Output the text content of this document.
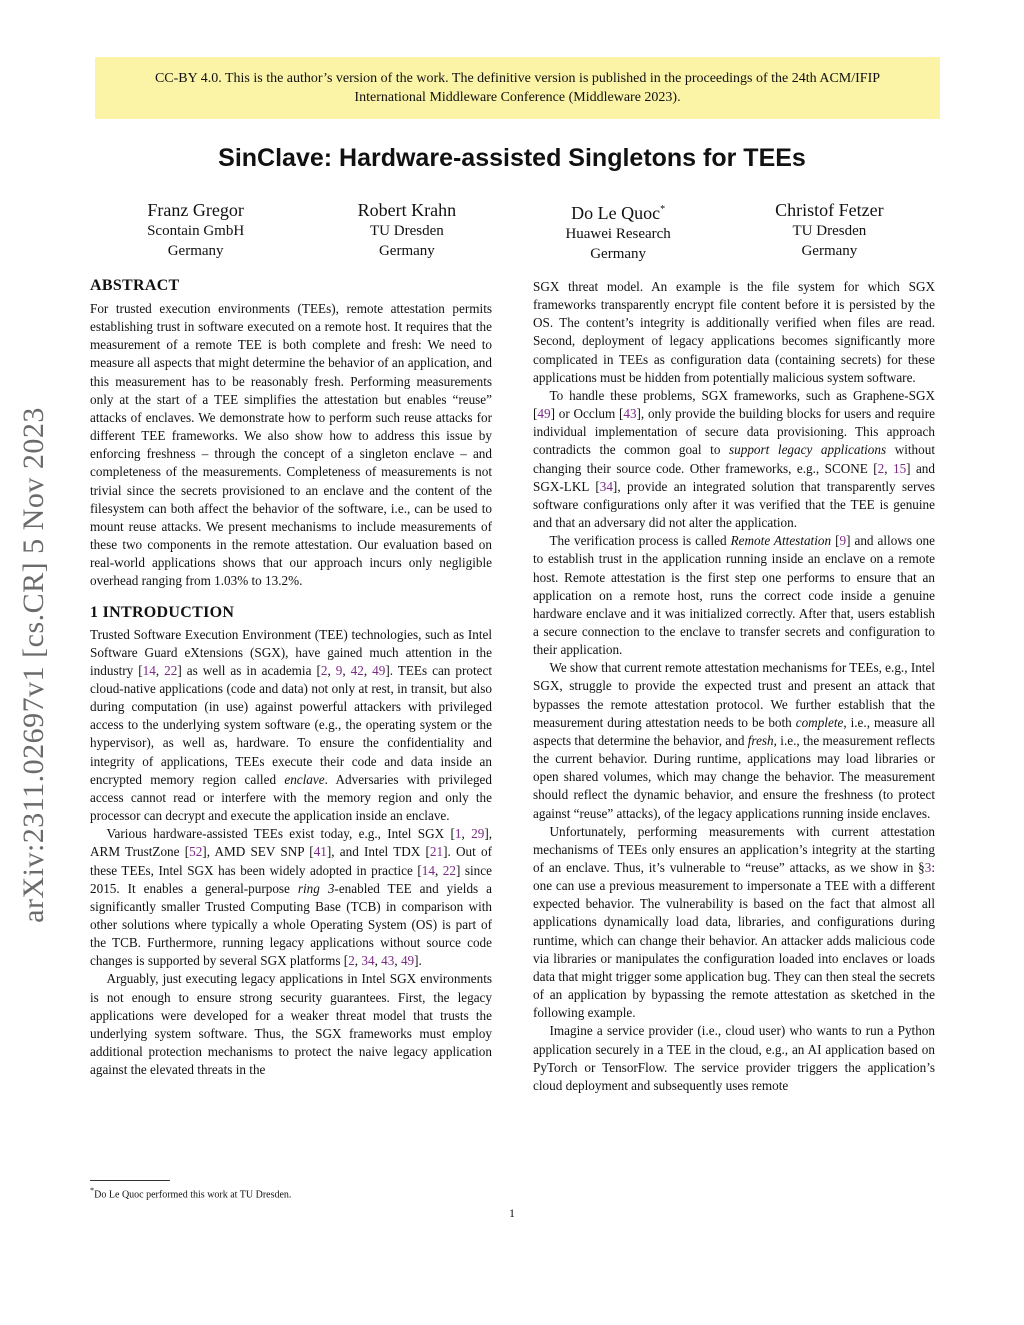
CC-BY 4.0. This is the author’s version of the work. The definitive version is published in the proceedings of the 24th ACM/IFIP
International Middleware Conference (Middleware 2023).
SinClave: Hardware-assisted Singletons for TEEs
Franz Gregor
Scontain GmbH
Germany
Robert Krahn
TU Dresden
Germany
Do Le Quoc*
Huawei Research
Germany
Christof Fetzer
TU Dresden
Germany
arXiv:2311.02697v1 [cs.CR] 5 Nov 2023
ABSTRACT

For trusted execution environments (TEEs), remote attestation permits establishing trust in software executed on a remote host. It requires that the measurement of a remote TEE is both complete and fresh: We need to measure all aspects that might determine the behavior of an application, and this measurement has to be reasonably fresh. Performing measurements only at the start of a TEE simplifies the attestation but enables “reuse” attacks of enclaves. We demonstrate how to perform such reuse attacks for different TEE frameworks. We also show how to address this issue by enforcing freshness – through the concept of a singleton enclave – and completeness of the measurements. Completeness of measurements is not trivial since the secrets provisioned to an enclave and the content of the filesystem can both affect the behavior of the software, i.e., can be used to mount reuse attacks. We present mechanisms to include measurements of these two components in the remote attestation. Our evaluation based on real-world applications shows that our approach incurs only negligible overhead ranging from 1.03% to 13.2%.

1 INTRODUCTION

Trusted Software Execution Environment (TEE) technologies, such as Intel Software Guard eXtensions (SGX), have gained much attention in the industry [14, 22] as well as in academia [2, 9, 42, 49]. TEEs can protect cloud-native applications (code and data) not only at rest, in transit, but also during computation (in use) against powerful attackers with privileged access to the underlying system software (e.g., the operating system or the hypervisor), as well as, hardware. To ensure the confidentiality and integrity of applications, TEEs execute their code and data inside an encrypted memory region called enclave. Adversaries with privileged access cannot read or interfere with the memory region and only the processor can decrypt and execute the application inside an enclave.

Various hardware-assisted TEEs exist today, e.g., Intel SGX [1, 29], ARM TrustZone [52], AMD SEV SNP [41], and Intel TDX [21]. Out of these TEEs, Intel SGX has been widely adopted in practice [14, 22] since 2015. It enables a general-purpose ring 3-enabled TEE and yields a significantly smaller Trusted Computing Base (TCB) in comparison with other solutions where typically a whole Operating System (OS) is part of the TCB. Furthermore, running legacy applications without source code changes is supported by several SGX platforms [2, 34, 43, 49].

Arguably, just executing legacy applications in Intel SGX environments is not enough to ensure strong security guarantees. First, the legacy applications were developed for a weaker threat model that trusts the underlying system software. Thus, the SGX frameworks must employ additional protection mechanisms to protect the naive legacy application against the elevated threats in the

SGX threat model. An example is the file system for which SGX frameworks transparently encrypt file content before it is persisted by the OS. The content’s integrity is additionally verified when files are read. Second, deployment of legacy applications becomes significantly more complicated in TEEs as configuration data (containing secrets) for these applications must be hidden from potentially malicious system software.

To handle these problems, SGX frameworks, such as Graphene-SGX [49] or Occlum [43], only provide the building blocks for users and require individual implementation of secure data provisioning. This approach contradicts the common goal to support legacy applications without changing their source code. Other frameworks, e.g., SCONE [2, 15] and SGX-LKL [34], provide an integrated solution that transparently serves software configurations only after it was verified that the TEE is genuine and that an adversary did not alter the application.

The verification process is called Remote Attestation [9] and allows one to establish trust in the application running inside an enclave on a remote host. Remote attestation is the first step one performs to ensure that an application on a remote host, runs the correct code inside a genuine hardware enclave and it was initialized correctly. After that, users establish a secure connection to the enclave to transfer secrets and configuration to their application.

We show that current remote attestation mechanisms for TEEs, e.g., Intel SGX, struggle to provide the expected trust and present an attack that bypasses the remote attestation protocol. We further establish that the measurement during attestation needs to be both complete, i.e., measure all aspects that determine the behavior, and fresh, i.e., the measurement reflects the current behavior. During runtime, applications may load libraries or open shared volumes, which may change the behavior. The measurement should reflect the dynamic behavior, and ensure the freshness (to protect against “reuse” attacks), of the legacy applications running inside enclaves.

Unfortunately, performing measurements with current attestation mechanisms of TEEs only ensures an application’s integrity at the starting of an enclave. Thus, it’s vulnerable to “reuse” attacks, as we show in §3: one can use a previous measurement to impersonate a TEE with a different expected behavior. The vulnerability is based on the fact that almost all applications dynamically load data, libraries, and configurations during runtime, which can change their behavior. An attacker adds malicious code via libraries or manipulates the configuration loaded into enclaves or loads data that might trigger some application bug. They can then steal the secrets of an application by bypassing the remote attestation as sketched in the following example.

Imagine a service provider (i.e., cloud user) who wants to run a Python application securely in a TEE in the cloud, e.g., an AI application based on PyTorch or TensorFlow. The service provider triggers the application’s cloud deployment and subsequently uses remote

*Do Le Quoc performed this work at TU Dresden.
1
